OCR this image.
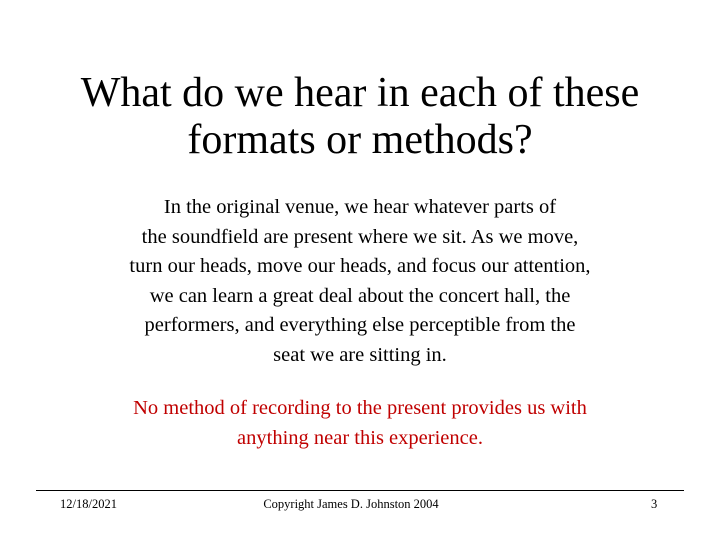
What do we hear in each of these
formats or methods?
In the original venue, we hear whatever parts of
the soundfield are present where we sit. As we move,
turn our heads, move our heads, and focus our attention,
we can learn a great deal about the concert hall, the
performers, and everything else perceptible from the
seat we are sitting in.
No method of recording to the present provides us with
anything near this experience.
12/18/2021	Copyright James D. Johnston 2004	3
